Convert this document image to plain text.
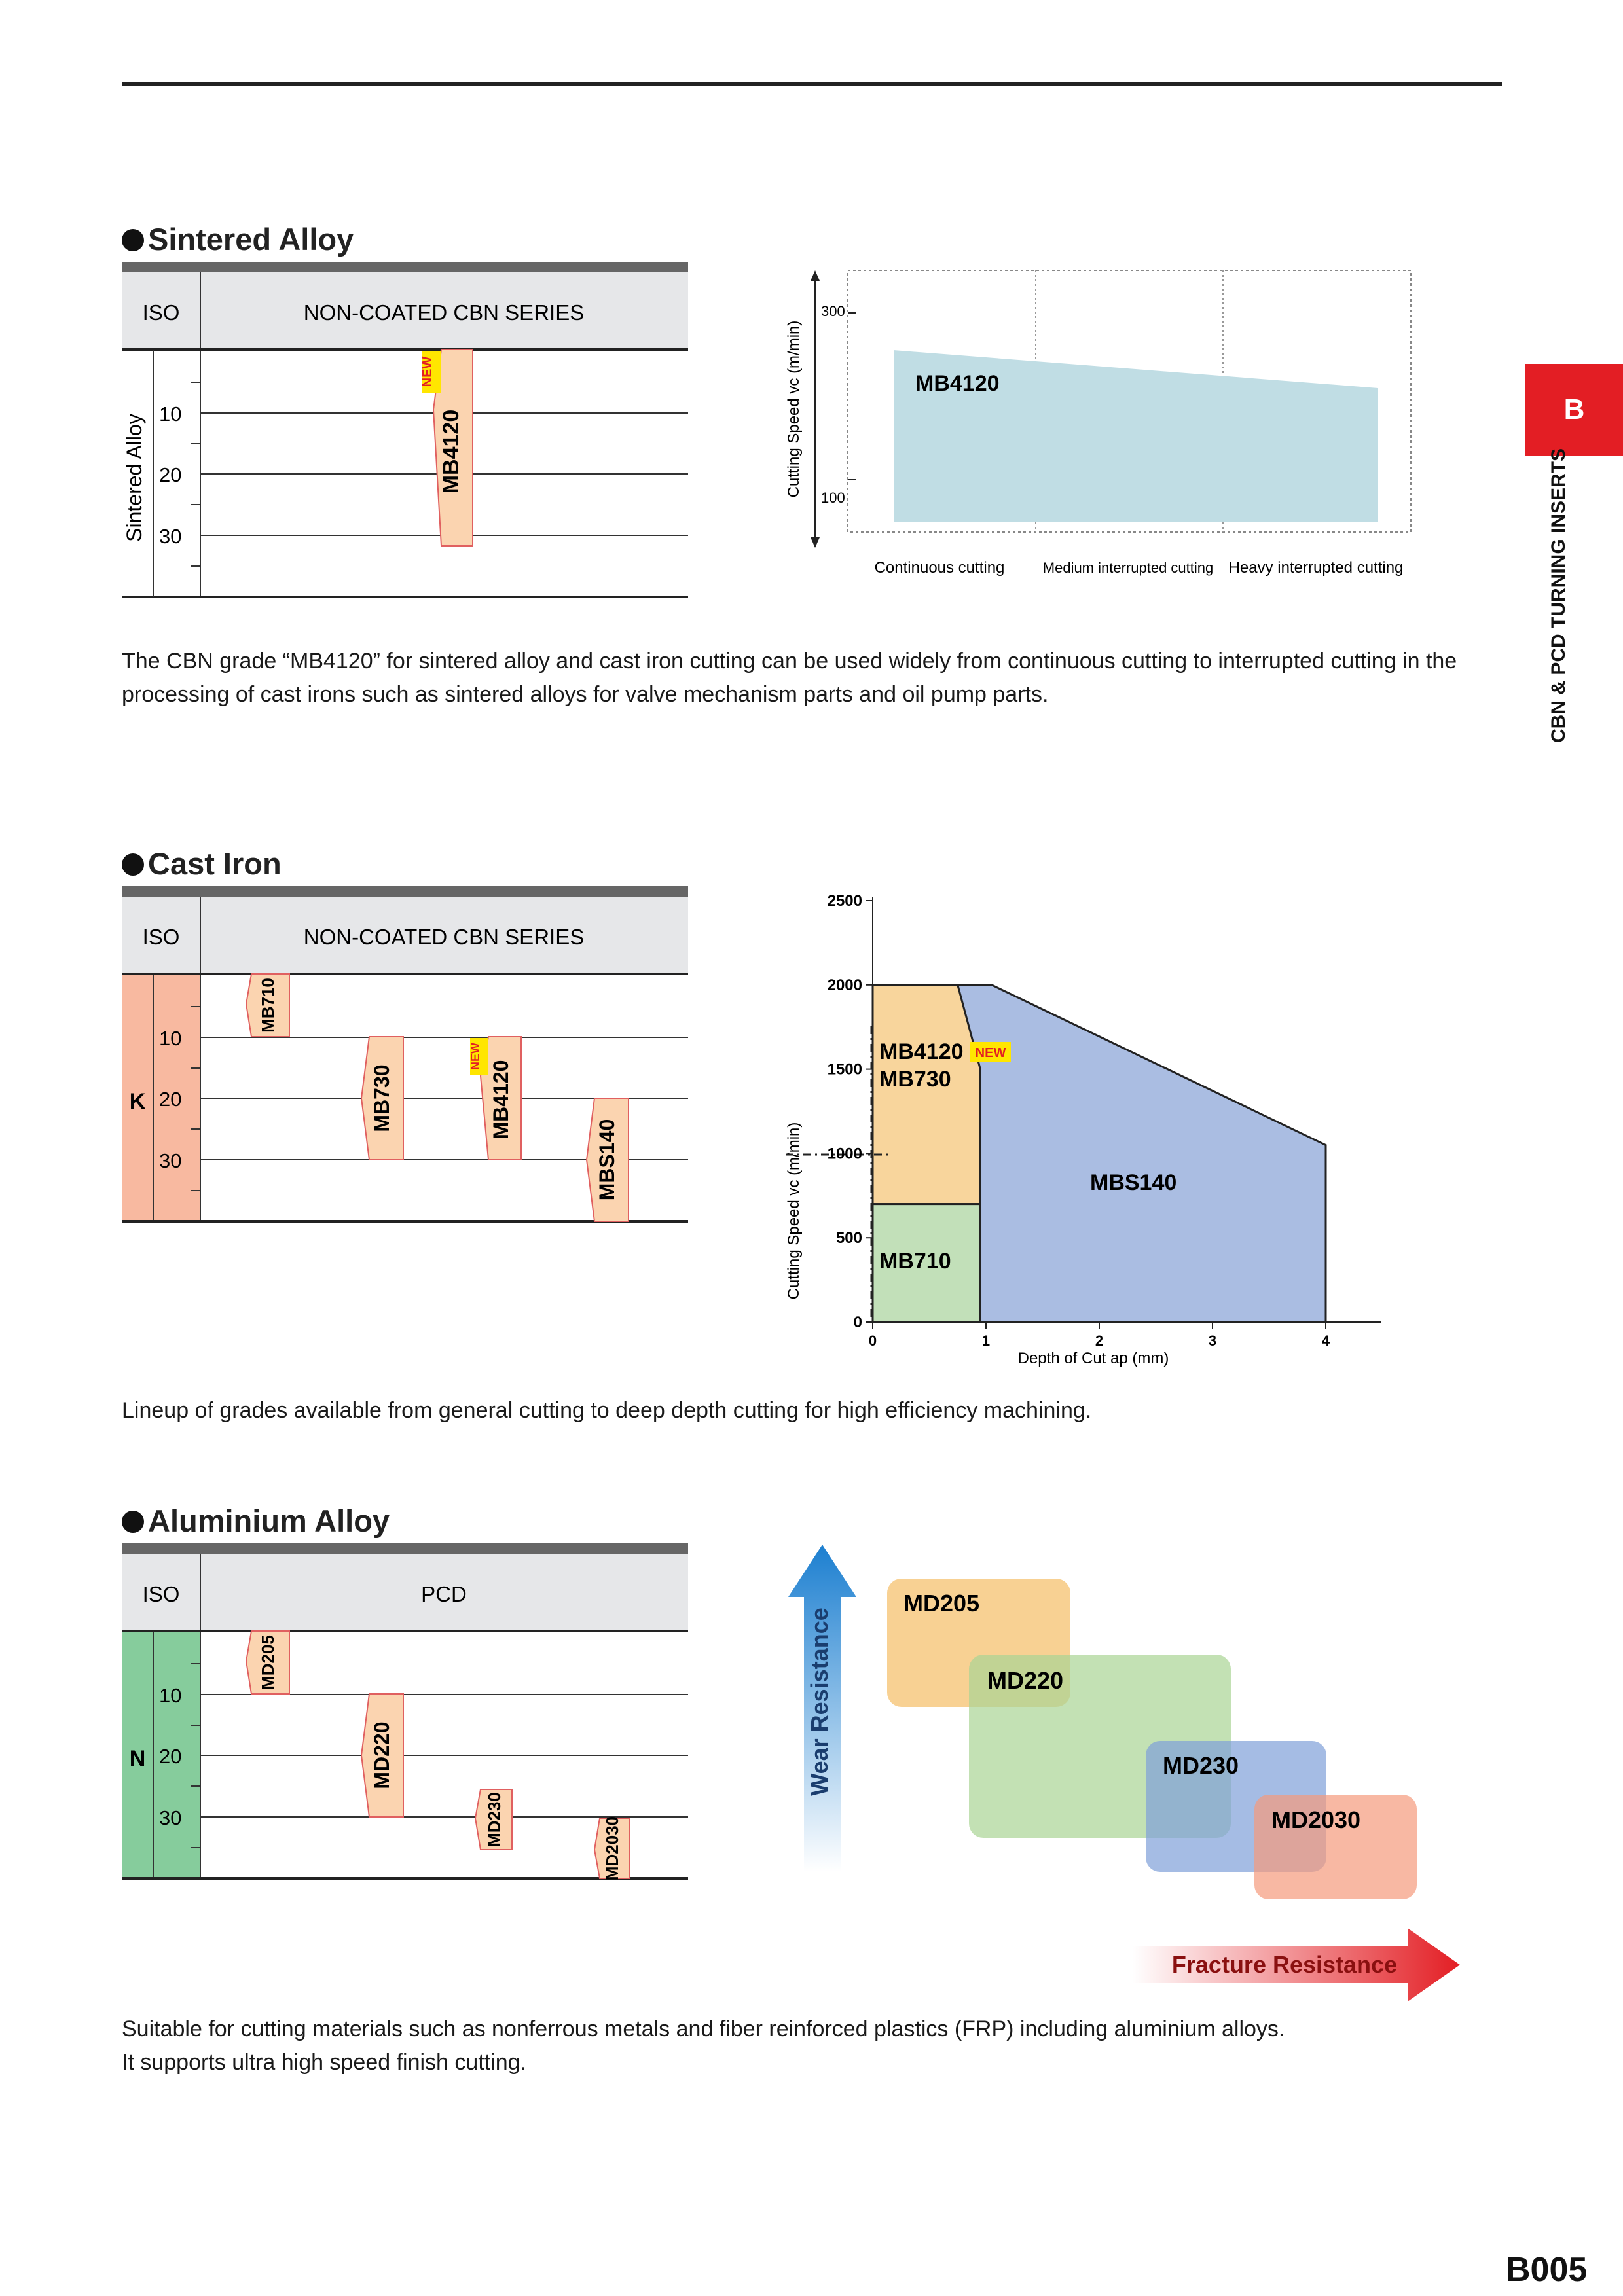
B
CBN & PCD TURNING INSERTS
Sintered Alloy
ISO	NON-COATED CBN SERIES
Sintered Alloy 10
20
30
NEW
MB4120	Cutting Speed vc (m/min)
300
100
MB4120
Continuous cutting	Medium interrupted cutting Heavy interrupted cutting
The CBN grade “MB4120” for sintered alloy and cast iron cutting can be used widely from continuous cutting to interrupted cutting in the processing of cast irons such as sintered alloys for valve mechanism parts and oil pump parts.
Cast Iron
ISO	NON-COATED CBN SERIES
K
10
20
30
MB710
MB730
NEW
MB4120
MBS140	Cutting Speed vc (m/min)
0
500
1000
1500
2000
2500
0	1	2	3	4
MB4120 NEW
MB730
MB710
MBS140
Depth of Cut ap (mm)
Lineup of grades available from general cutting to deep depth cutting for high efficiency machining.
Aluminium Alloy
ISO	PCD
N
10
20
30
MD205
MD220
MD230	MD2030
Wear Resistance
MD205
MD220
MD230
MD2030
Fracture Resistance
Suitable for cutting materials such as nonferrous metals and fiber reinforced plastics (FRP) including aluminium alloys.
It supports ultra high speed finish cutting.
B005
